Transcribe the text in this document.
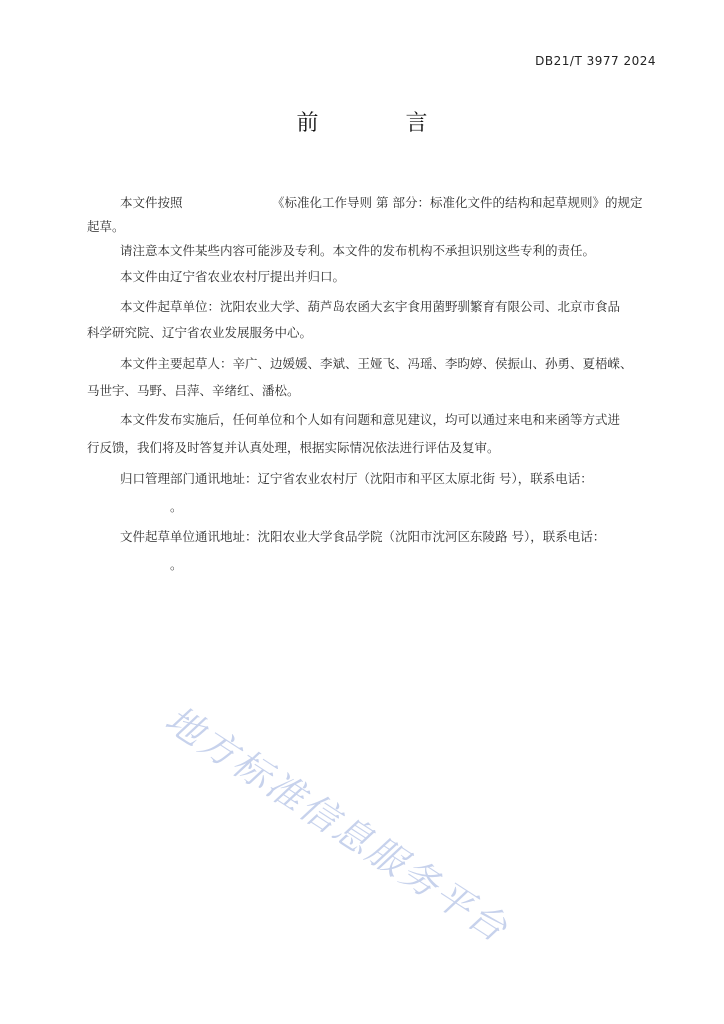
DB21/T 3977 2024
前 言
本文件按照	《标准化工作导则 第 部分：标准化文件的结构和起草规则》的规定
起草。
请注意本文件某些内容可能涉及专利。本文件的发布机构不承担识别这些专利的责任。
本文件由辽宁省农业农村厅提出并归口。
本文件起草单位：沈阳农业大学、葫芦岛农函大玄宇食用菌野驯繁育有限公司、北京市食品
科学研究院、辽宁省农业发展服务中心。
本文件主要起草人：辛广、边媛媛、李斌、王娅飞、冯瑶、李昀婷、侯振山、孙勇、夏梧嵘、
马世宇、马野、吕萍、辛绪红、潘松。
本文件发布实施后，任何单位和个人如有问题和意见建议，均可以通过来电和来函等方式进
行反馈，我们将及时答复并认真处理，根据实际情况依法进行评估及复审。
归口管理部门通讯地址：辽宁省农业农村厅（沈阳市和平区太原北街 号），联系电话：
。
文件起草单位通讯地址：沈阳农业大学食品学院（沈阳市沈河区东陵路 号），联系电话：
。
地方标准信息服务平台
